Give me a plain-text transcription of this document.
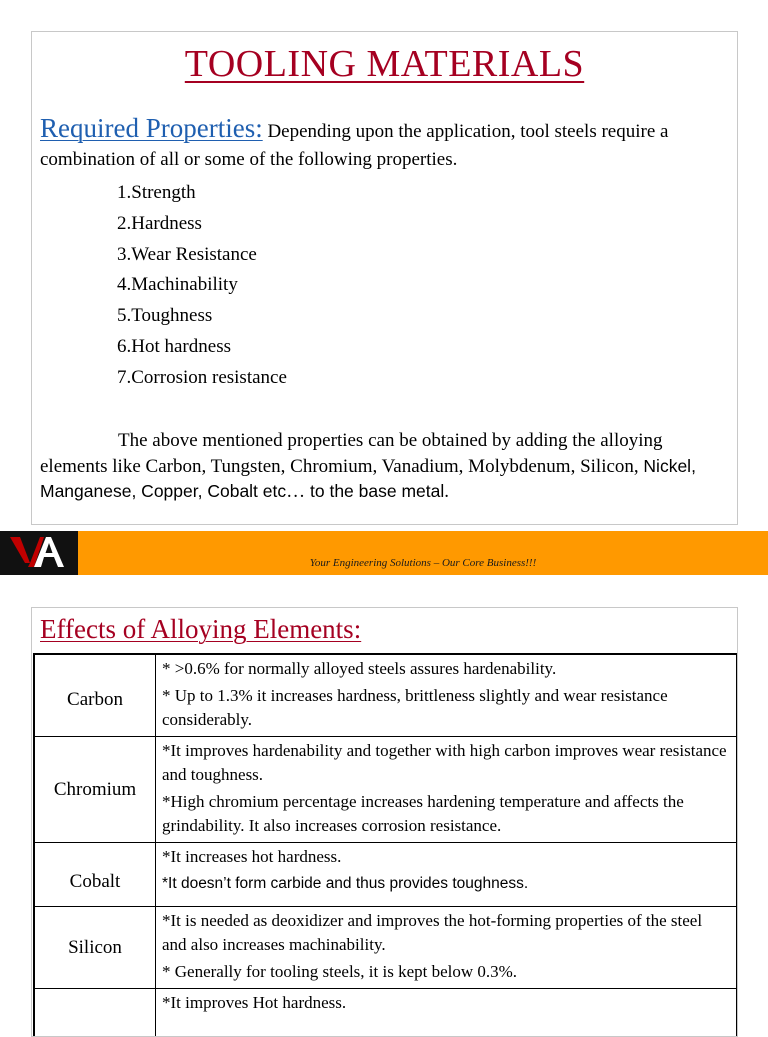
TOOLING MATERIALS
Required Properties: Depending upon the application, tool steels require a combination of all or some of the following properties.
1.Strength
2.Hardness
3.Wear Resistance
4.Machinability
5.Toughness
6.Hot hardness
7.Corrosion resistance
The above mentioned properties can be obtained by adding the alloying elements like Carbon, Tungsten, Chromium, Vanadium, Molybdenum, Silicon, Nickel, Manganese, Copper, Cobalt etc… to the base metal.
Your Engineering Solutions – Our Core Business!!!
Effects of Alloying Elements:
Carbon	* >0.6% for normally alloyed steels assures hardenability.

* Up to 1.3% it increases hardness, brittleness slightly and wear resistance considerably.

Chromium	*It improves hardenability and together with high carbon improves wear resistance and toughness.

*High chromium percentage increases hardening temperature and affects the grindability. It also increases corrosion resistance.

Cobalt	*It increases hot hardness.

*It doesn’t form carbide and thus provides toughness.

Silicon	*It is needed as deoxidizer and improves the hot-forming properties of the steel and also increases machinability.

* Generally for tooling steels, it is kept below 0.3%.

	*It improves Hot hardness.
